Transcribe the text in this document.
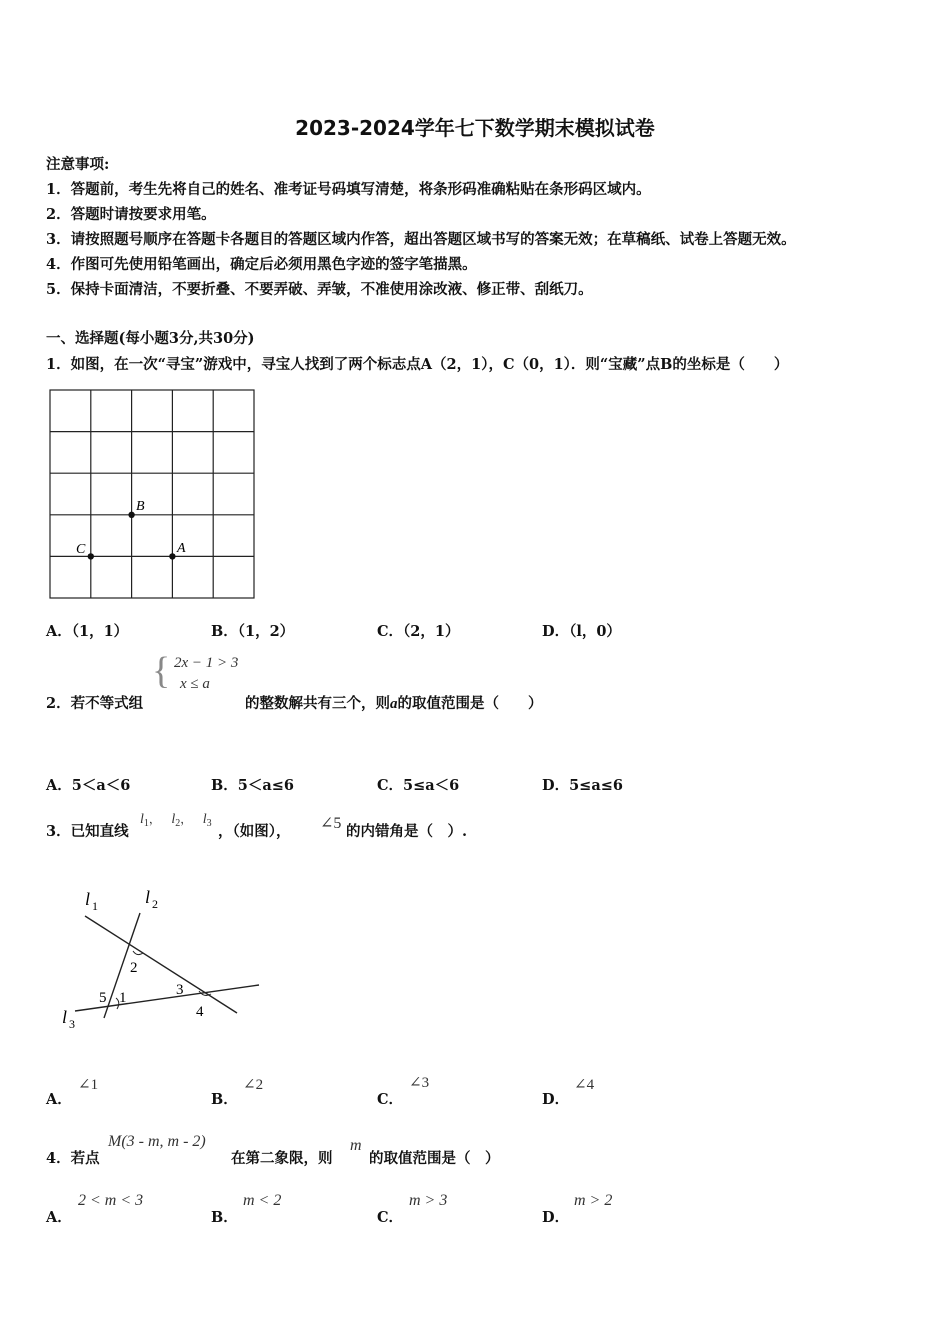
2023-2024学年七下数学期末模拟试卷
注意事项:
1．答题前，考生先将自己的姓名、准考证号码填写清楚，将条形码准确粘贴在条形码区域内。
2．答题时请按要求用笔。
3．请按照题号顺序在答题卡各题目的答题区域内作答，超出答题区域书写的答案无效；在草稿纸、试卷上答题无效。
4．作图可先使用铅笔画出，确定后必须用黑色字迹的签字笔描黑。
5．保持卡面清洁，不要折叠、不要弄破、弄皱，不准使用涂改液、修正带、刮纸刀。
一、选择题(每小题3分,共30分)
1．如图，在一次“寻宝”游戏中，寻宝人找到了两个标志点A（2，1），C（0，1）．则“宝藏”点B的坐标是（　　）
B
C	A
A．（1，1）	B．（1，2）	C．（2，1）	D．（l，0）
2．若不等式组
{ 2x − 1 > 3
x ≤ a
的整数解共有三个，则a的取值范围是（　　）
A．5＜a＜6	B．5＜a≤6	C．5≤a＜6	D．5≤a≤6
3．已知直线
$l_1$， $l_2$， $l_3$ ，（如图）， ∠5 的内错角是（　）.
l 1	l 2
l 3
2
3
4
5 1
A．
∠1
B．
∠2
C．
∠3
D．
∠4
4．若点
M(3 - m, m - 2)
在第二象限，则
m
的取值范围是（　）
A．
2 < m < 3
B．
m < 2
C．
m > 3
D．
m > 2
